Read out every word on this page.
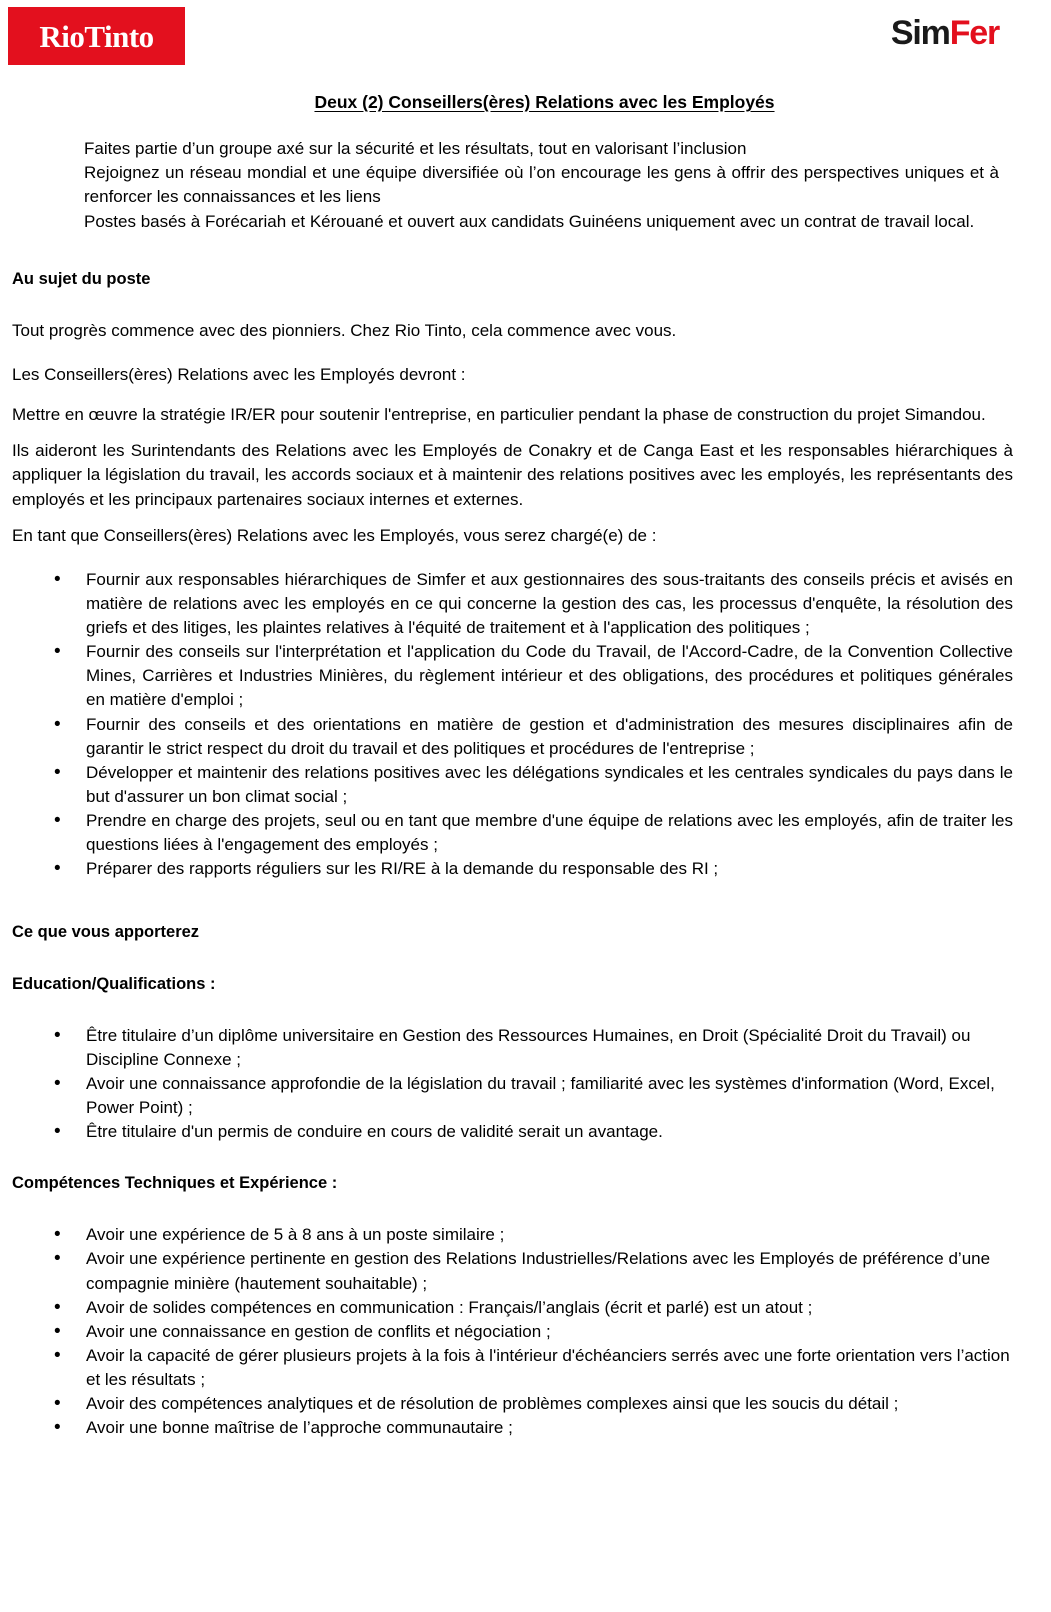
RioTinto	SimFer
Deux (2) Conseillers(ères) Relations avec les Employés

Faites partie d’un groupe axé sur la sécurité et les résultats, tout en valorisant l’inclusion

Rejoignez un réseau mondial et une équipe diversifiée où l’on encourage les gens à offrir des perspectives uniques et à renforcer les connaissances et les liens

Postes basés à Forécariah et Kérouané et ouvert aux candidats Guinéens uniquement avec un contrat de travail local.

Au sujet du poste
Tout progrès commence avec des pionniers. Chez Rio Tinto, cela commence avec vous.
Les Conseillers(ères) Relations avec les Employés devront :
Mettre en œuvre la stratégie IR/ER pour soutenir l'entreprise, en particulier pendant la phase de construction du projet Simandou.
Ils aideront les Surintendants des Relations avec les Employés de Conakry et de Canga East et les responsables hiérarchiques à appliquer la législation du travail, les accords sociaux et à maintenir des relations positives avec les employés, les représentants des employés et les principaux partenaires sociaux internes et externes.
En tant que Conseillers(ères) Relations avec les Employés, vous serez chargé(e) de :
• Fournir aux responsables hiérarchiques de Simfer et aux gestionnaires des sous-traitants des conseils précis et avisés en matière de relations avec les employés en ce qui concerne la gestion des cas, les processus d'enquête, la résolution des griefs et des litiges, les plaintes relatives à l'équité de traitement et à l'application des politiques ;
• Fournir des conseils sur l'interprétation et l'application du Code du Travail, de l'Accord-Cadre, de la Convention Collective Mines, Carrières et Industries Minières, du règlement intérieur et des obligations, des procédures et politiques générales en matière d'emploi ;
• Fournir des conseils et des orientations en matière de gestion et d'administration des mesures disciplinaires afin de garantir le strict respect du droit du travail et des politiques et procédures de l'entreprise ;
• Développer et maintenir des relations positives avec les délégations syndicales et les centrales syndicales du pays dans le but d'assurer un bon climat social ;
• Prendre en charge des projets, seul ou en tant que membre d'une équipe de relations avec les employés, afin de traiter les questions liées à l'engagement des employés ;
• Préparer des rapports réguliers sur les RI/RE à la demande du responsable des RI ;
Ce que vous apporterez
Education/Qualifications :
• Être titulaire d’un diplôme universitaire en Gestion des Ressources Humaines, en Droit (Spécialité Droit du Travail) ou Discipline Connexe ;
• Avoir une connaissance approfondie de la législation du travail ; familiarité avec les systèmes d'information (Word, Excel, Power Point) ;
• Être titulaire d'un permis de conduire en cours de validité serait un avantage.
Compétences Techniques et Expérience :
• Avoir une expérience de 5 à 8 ans à un poste similaire ;
• Avoir une expérience pertinente en gestion des Relations Industrielles/Relations avec les Employés de préférence d’une compagnie minière (hautement souhaitable) ;
• Avoir de solides compétences en communication : Français/l’anglais (écrit et parlé) est un atout ;
• Avoir une connaissance en gestion de conflits et négociation ;
• Avoir la capacité de gérer plusieurs projets à la fois à l'intérieur d'échéanciers serrés avec une forte orientation vers l’action et les résultats ;
• Avoir des compétences analytiques et de résolution de problèmes complexes ainsi que les soucis du détail ;
• Avoir une bonne maîtrise de l’approche communautaire ;
